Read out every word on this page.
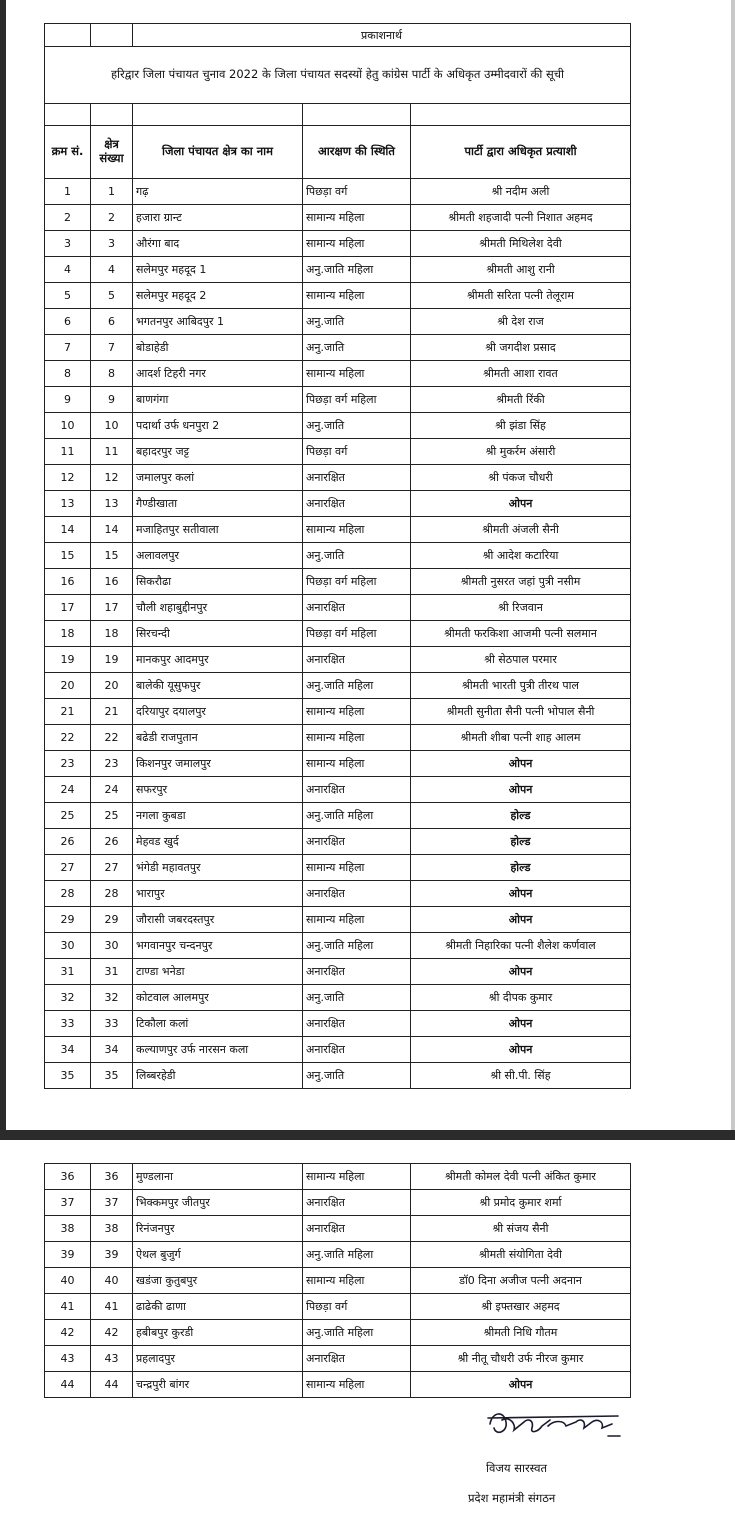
		प्रकाशनार्थ		
हरिद्वार जिला पंचायत चुनाव 2022 के जिला पंचायत सदस्यों हेतु कांग्रेस पार्टी के अधिकृत उम्मीदवारों की सूची				

क्रम सं.	क्षेत्र संख्या	जिला पंचायत क्षेत्र का नाम	आरक्षण की स्थिति	पार्टी द्वारा अधिकृत प्रत्याशी
1	1	गढ़	पिछड़ा वर्ग	श्री नदीम अली
2	2	हजारा ग्रान्ट	सामान्य महिला	श्रीमती शहजादी पत्नी निशात अहमद
3	3	औरंगा बाद	सामान्य महिला	श्रीमती मिथिलेश देवी
4	4	सलेमपुर महदूद 1	अनु.जाति महिला	श्रीमती आशु रानी
5	5	सलेमपुर महदूद 2	सामान्य महिला	श्रीमती सरिता पत्नी तेलूराम
6	6	भगतनपुर आबिदपुर 1	अनु.जाति	श्री देश राज
7	7	बोडाहेडी	अनु.जाति	श्री जगदीश प्रसाद
8	8	आदर्श टिहरी नगर	सामान्य महिला	श्रीमती आशा रावत
9	9	बाणगंगा	पिछड़ा वर्ग महिला	श्रीमती रिंकी
10	10	पदार्था उर्फ धनपुरा 2	अनु.जाति	श्री झंडा सिंह
11	11	बहादरपुर जट्ट	पिछड़ा वर्ग	श्री मुकर्रम अंसारी
12	12	जमालपुर कलां	अनारक्षित	श्री पंकज चौधरी
13	13	गैण्डीखाता	अनारक्षित	ओपन
14	14	मजाहितपुर सतीवाला	सामान्य महिला	श्रीमती अंजली सैनी
15	15	अलावलपुर	अनु.जाति	श्री आदेश कटारिया
16	16	सिकरौढा	पिछड़ा वर्ग महिला	श्रीमती नुसरत जहां पुत्री नसीम
17	17	चौली शहाबुद्दीनपुर	अनारक्षित	श्री रिजवान
18	18	सिरचन्दी	पिछड़ा वर्ग महिला	श्रीमती फरकिशा आजमी पत्नी सलमान
19	19	मानकपुर आदमपुर	अनारक्षित	श्री सेठपाल परमार
20	20	बालेकी यूसुफपुर	अनु.जाति महिला	श्रीमती भारती पुत्री तीरथ पाल
21	21	दरियापुर दयालपुर	सामान्य महिला	श्रीमती सुनीता सैनी पत्नी भोपाल सैनी
22	22	बढेडी राजपुतान	सामान्य महिला	श्रीमती शीबा पत्नी शाह आलम
23	23	किशनपुर जमालपुर	सामान्य महिला	ओपन
24	24	सफरपुर	अनारक्षित	ओपन
25	25	नगला कुबडा	अनु.जाति महिला	होल्ड
26	26	मेहवड खुर्द	अनारक्षित	होल्ड
27	27	भंगेडी महावतपुर	सामान्य महिला	होल्ड
28	28	भारापुर	अनारक्षित	ओपन
29	29	जौरासी जबरदस्तपुर	सामान्य महिला	ओपन
30	30	भगवानपुर चन्दनपुर	अनु.जाति महिला	श्रीमती निहारिका पत्नी शैलेश कर्णवाल
31	31	टाण्डा भनेडा	अनारक्षित	ओपन
32	32	कोटवाल आलमपुर	अनु.जाति	श्री दीपक कुमार
33	33	टिकौला कलां	अनारक्षित	ओपन
34	34	कल्याणपुर उर्फ नारसन कला	अनारक्षित	ओपन
35	35	लिब्बरहेडी	अनु.जाति	श्री सी.पी. सिंह
36	36	मुण्डलाना	सामान्य महिला	श्रीमती कोमल देवी पत्नी अंकित कुमार
37	37	भिक्कमपुर जीतपुर	अनारक्षित	श्री प्रमोद कुमार शर्मा
38	38	रिनंजनपुर	अनारक्षित	श्री संजय सैनी
39	39	ऐथल बुजुर्ग	अनु.जाति महिला	श्रीमती संयोगिता देवी
40	40	खडंजा कुतुबपुर	सामान्य महिला	डॉ0 दिना अजीज पत्नी अदनान
41	41	ढाढेकी ढाणा	पिछड़ा वर्ग	श्री इफ्तखार अहमद
42	42	हबीबपुर कुरडी	अनु.जाति महिला	श्रीमती निधि गौतम
43	43	प्रहलादपुर	अनारक्षित	श्री नीतू चौधरी उर्फ नीरज कुमार
44	44	चन्द्रपुरी बांगर	सामान्य महिला	ओपन
विजय सारस्वत
प्रदेश महामंत्री संगठन
